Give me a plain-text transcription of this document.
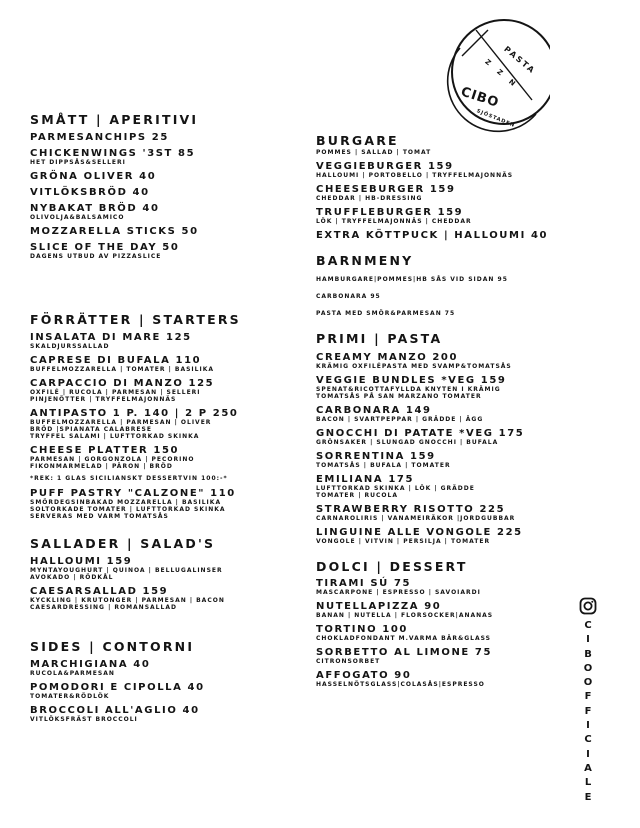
PASTA
Z Z N
CIBO
SJÖSTADEN
SMÅTT | APERITIVI
PARMESANCHIPS 25
CHICKENWINGS '3ST 85
HET DIPPSÅS&SELLERI
GRÖNA OLIVER 40
VITLÖKSBRÖD 40
NYBAKAT BRÖD 40
OLIVOLJA&BALSAMICO
MOZZARELLA STICKS 50
SLICE OF THE DAY 50
DAGENS UTBUD AV PIZZASLICE
FÖRRÄTTER | STARTERS
INSALATA DI MARE 125
SKALDJURSSALLAD
CAPRESE DI BUFALA 110
BUFFELMOZZARELLA | TOMATER | BASILIKA
CARPACCIO DI MANZO 125
OXFILÉ | RUCOLA | PARMESAN | SELLERI
PINJENÖTTER | TRYFFELMAJONNÄS
ANTIPASTO 1 P. 140 | 2 P 250
BUFFELMOZZARELLA | PARMESAN | OLIVER
BRÖD |SPIANATA CALABRESE
TRYFFEL SALAMI | LUFTTORKAD SKINKA
CHEESE PLATTER 150
PARMESAN | GORGONZOLA | PECORINO
FIKONMARMELAD | PÄRON | BRÖD
*REK: 1 GLAS SICILIANSKT DESSERTVIN 100:-*
PUFF PASTRY "CALZONE" 110
SMÖRDEGSINBAKAD MOZZARELLA | BASILIKA
SOLTORKADE TOMATER | LUFTTORKAD SKINKA
SERVERAS MED VARM TOMATSÅS
SALLADER | SALAD'S
HALLOUMI 159
MYNTAYOUGHURT | QUINOA | BELLUGALINSER
AVOKADO | RÖDKÅL
CAESARSALLAD 159
KYCKLING | KRUTONGER | PARMESAN | BACON
CAESARDRESSING | ROMANSALLAD
SIDES | CONTORNI
MARCHIGIANA 40
RUCOLA&PARMESAN
POMODORI E CIPOLLA 40
TOMATER&RÖDLÖK
BROCCOLI ALL'AGLIO 40
VITLÖKSFRÄST BROCCOLI
BURGARE
POMMES | SALLAD | TOMAT
VEGGIEBURGER 159
HALLOUMI | PORTOBELLO | TRYFFELMAJONNÄS
CHEESEBURGER 159
CHEDDAR | HB-DRESSING
TRUFFLEBURGER 159
LÖK | TRYFFELMAJONNÄS | CHEDDAR
EXTRA KÖTTPUCK | HALLOUMI 40
BARNMENY
HAMBURGARE|POMMES|HB SÅS VID SIDAN 95
CARBONARA 95
PASTA MED SMÖR&PARMESAN 75
PRIMI | PASTA
CREAMY MANZO 200
KRÄMIG OXFILÉPASTA MED SVAMP&TOMATSÅS
VEGGIE BUNDLES *VEG 159
SPENAT&RICOTTAFYLLDA KNYTEN I KRÄMIG
TOMATSÅS PÅ SAN MARZANO TOMATER
CARBONARA 149
BACON | SVARTPEPPAR | GRÄDDE | ÄGG
GNOCCHI DI PATATE *VEG 175
GRÖNSAKER | SLUNGAD GNOCCHI | BUFALA
SORRENTINA 159
TOMATSÅS | BUFALA | TOMATER
EMILIANA 175
LUFTTORKAD SKINKA | LÖK | GRÄDDE
TOMATER | RUCOLA
STRAWBERRY RISOTTO 225
CARNAROLIRIS | VANAMEIRÄKOR |JORDGUBBAR
LINGUINE ALLE VONGOLE 225
VONGOLE | VITVIN | PERSILJA | TOMATER
DOLCI | DESSERT
TIRAMI SÚ 75
MASCARPONE | ESPRESSO | SAVOIARDI
NUTELLAPIZZA 90
BANAN | NUTELLA | FLORSOCKER|ANANAS
TORTINO 100
CHOKLADFONDANT M.VARMA BÄR&GLASS
SORBETTO AL LIMONE 75
CITRONSORBET
AFFOGATO 90
HASSELNÖTSGLASS|COLASÅS|ESPRESSO
C
I
B
O
O
F
F
I
C
I
A
L
E
